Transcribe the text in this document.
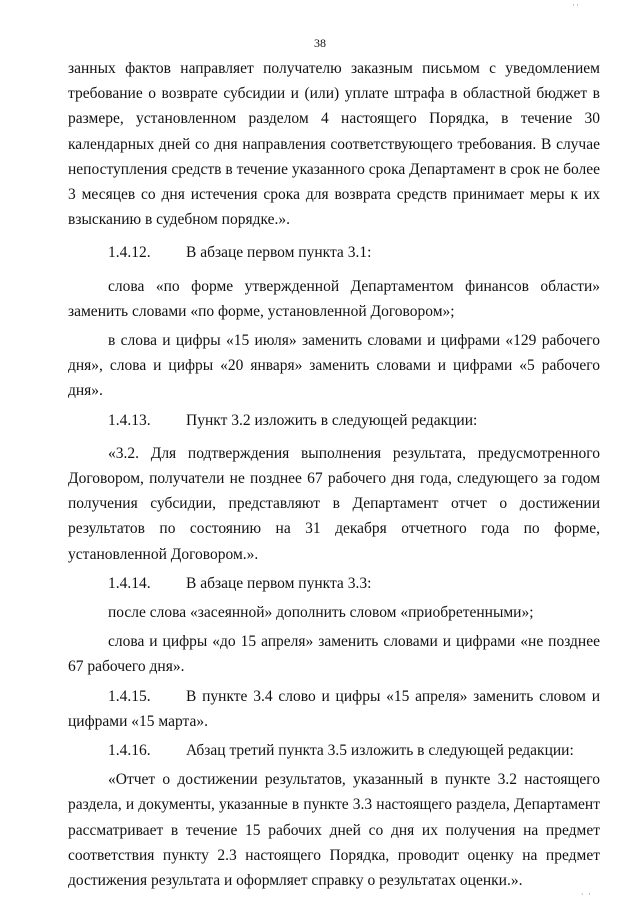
··
38

занных фактов направляет получателю заказным письмом с уведомлением требование о возврате субсидии и (или) уплате штрафа в областной бюджет в размере, установленном разделом 4 настоящего Порядка, в течение 30 календарных дней со дня направления соответствующего требования. В случае непоступления средств в течение указанного срока Департамент в срок не более 3 месяцев со дня истечения срока для возврата средств принимает меры к их взысканию в судебном порядке.».

1.4.12. В абзаце первом пункта 3.1:

слова «по форме утвержденной Департаментом финансов области» заменить словами «по форме, установленной Договором»;

в слова и цифры «15 июля» заменить словами и цифрами «129 рабочего дня», слова и цифры «20 января» заменить словами и цифрами «5 рабочего дня».

1.4.13. Пункт 3.2 изложить в следующей редакции:

«3.2. Для подтверждения выполнения результата, предусмотренного Договором, получатели не позднее 67 рабочего дня года, следующего за годом получения субсидии, представляют в Департамент отчет о достижении результатов по состоянию на 31 декабря отчетного года по форме, установленной Договором.».

1.4.14. В абзаце первом пункта 3.3:

после слова «засеянной» дополнить словом «приобретенными»;

слова и цифры «до 15 апреля» заменить словами и цифрами «не позднее 67 рабочего дня».

1.4.15. В пункте 3.4 слово и цифры «15 апреля» заменить словом и цифрами «15 марта».

1.4.16. Абзац третий пункта 3.5 изложить в следующей редакции:

«Отчет о достижении результатов, указанный в пункте 3.2 настоящего раздела, и документы, указанные в пункте 3.3 настоящего раздела, Департамент рассматривает в течение 15 рабочих дней со дня их получения на предмет соответствия пункту 2.3 настоящего Порядка, проводит оценку на предмет достижения результата и оформляет справку о результатах оценки.».

· ·
